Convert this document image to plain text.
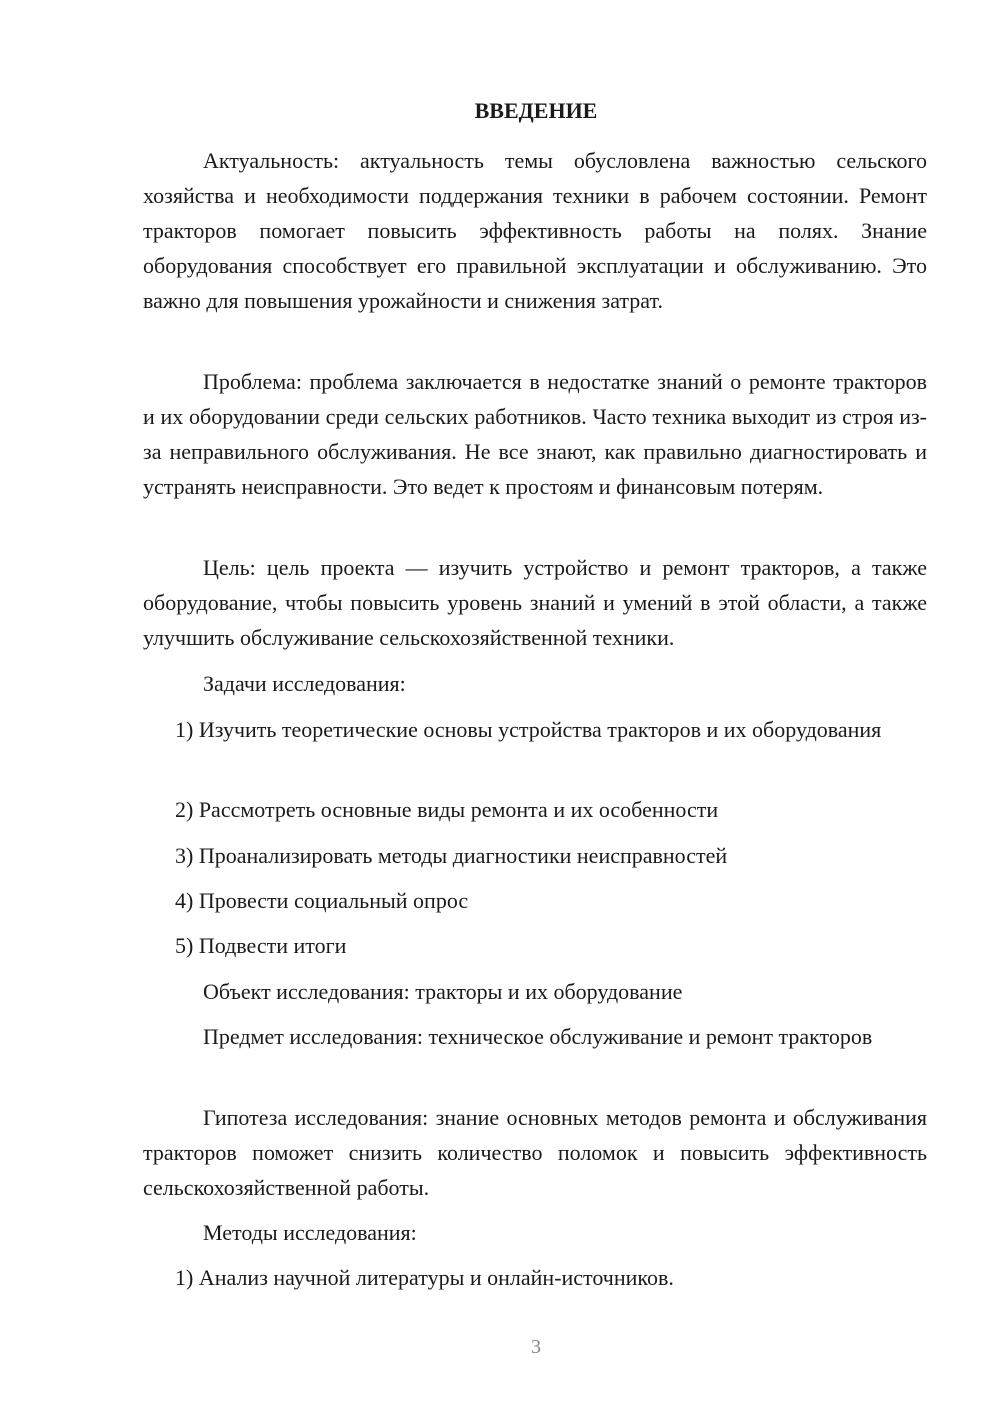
ВВЕДЕНИЕ
Актуальность: актуальность темы обусловлена важностью сельского хозяйства и необходимости поддержания техники в рабочем состоянии. Ремонт тракторов помогает повысить эффективность работы на полях. Знание оборудования способствует его правильной эксплуатации и обслуживанию. Это важно для повышения урожайности и снижения затрат.
Проблема: проблема заключается в недостатке знаний о ремонте тракторов и их оборудовании среди сельских работников. Часто техника выходит из строя из-за неправильного обслуживания. Не все знают, как правильно диагностировать и устранять неисправности. Это ведет к простоям и финансовым потерям.
Цель: цель проекта — изучить устройство и ремонт тракторов, а также оборудование, чтобы повысить уровень знаний и умений в этой области, а также улучшить обслуживание сельскохозяйственной техники.
Задачи исследования:
1) Изучить теоретические основы устройства тракторов и их оборудования
2) Рассмотреть основные виды ремонта и их особенности
3) Проанализировать методы диагностики неисправностей
4) Провести социальный опрос
5) Подвести итоги
Объект исследования: тракторы и их оборудование
Предмет исследования: техническое обслуживание и ремонт тракторов
Гипотеза исследования: знание основных методов ремонта и обслуживания тракторов поможет снизить количество поломок и повысить эффективность сельскохозяйственной работы.
Методы исследования:
1) Анализ научной литературы и онлайн-источников.
3
